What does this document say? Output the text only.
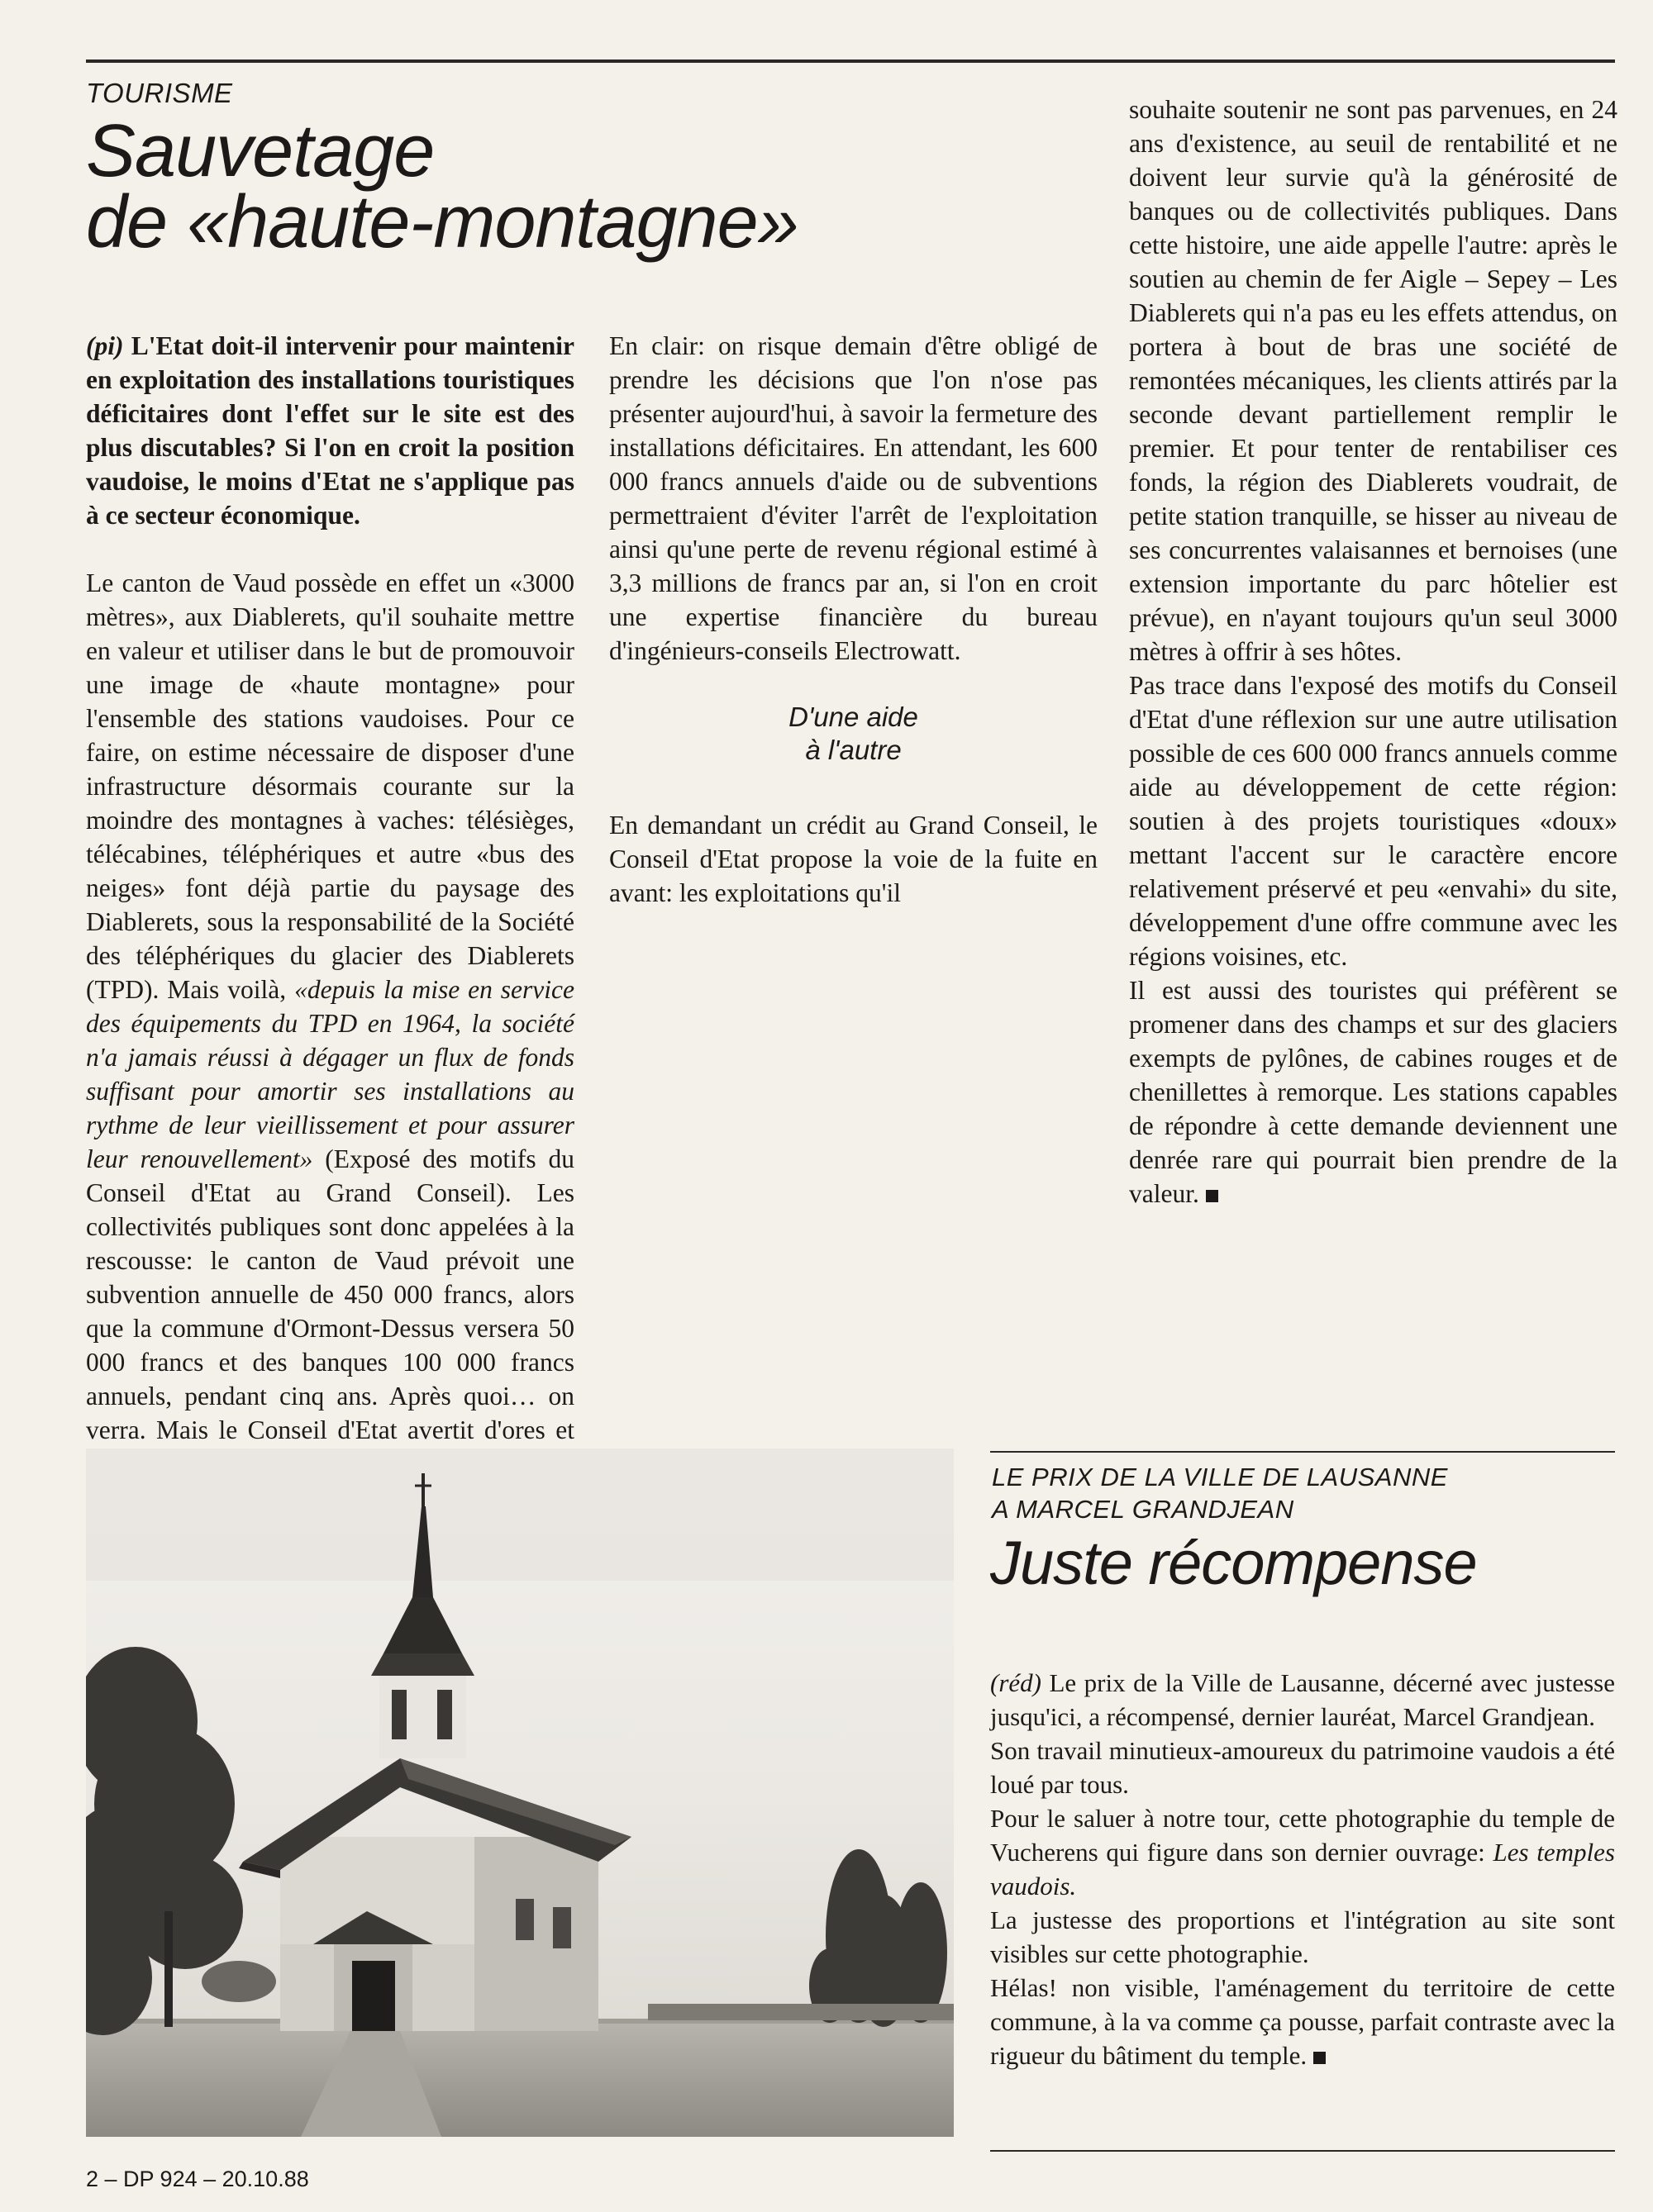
TOURISME
Sauvetage
de «haute-montagne»

(pi) L'Etat doit-il intervenir pour maintenir en exploitation des installations touristiques déficitaires dont l'effet sur le site est des plus discutables? Si l'on en croit la position vaudoise, le moins d'Etat ne s'applique pas à ce secteur économique.

Le canton de Vaud possède en effet un «3000 mètres», aux Diablerets, qu'il souhaite mettre en valeur et utiliser dans le but de promouvoir une image de «haute montagne» pour l'ensemble des stations vaudoises. Pour ce faire, on estime nécessaire de disposer d'une infrastructure désormais courante sur la moindre des montagnes à vaches: télésièges, télécabines, téléphériques et autre «bus des neiges» font déjà partie du paysage des Diablerets, sous la responsabilité de la Société des téléphériques du glacier des Diablerets (TPD). Mais voilà, «depuis la mise en service des équipements du TPD en 1964, la société n'a jamais réussi à dégager un flux de fonds suffisant pour amortir ses installations au rythme de leur vieillissement et pour assurer leur renouvellement» (Exposé des motifs du Conseil d'Etat au Grand Conseil). Les collectivités publiques sont donc appelées à la rescousse: le canton de Vaud prévoit une subvention annuelle de 450 000 francs, alors que la commune d'Ormont-Dessus versera 50 000 francs et des banques 100 000 francs annuels, pendant cinq ans. Après quoi… on verra. Mais le Conseil d'Etat avertit d'ores et

En clair: on risque demain d'être obligé de prendre les décisions que l'on n'ose pas présenter aujourd'hui, à savoir la fermeture des installations déficitaires. En attendant, les 600 000 francs annuels d'aide ou de subventions permettraient d'éviter l'arrêt de l'exploitation ainsi qu'une perte de revenu régional estimé à 3,3 millions de francs par an, si l'on en croit une expertise financière du bureau d'ingénieurs-conseils Electrowatt.

D'une aide
à l'autre

En demandant un crédit au Grand Conseil, le Conseil d'Etat propose la voie de la fuite en avant: les exploitations qu'il

souhaite soutenir ne sont pas parvenues, en 24 ans d'existence, au seuil de rentabilité et ne doivent leur survie qu'à la générosité de banques ou de collectivités publiques. Dans cette histoire, une aide appelle l'autre: après le soutien au chemin de fer Aigle – Sepey – Les Diablerets qui n'a pas eu les effets attendus, on portera à bout de bras une société de remontées mécaniques, les clients attirés par la seconde devant partiellement remplir le premier. Et pour tenter de rentabiliser ces fonds, la région des Diablerets voudrait, de petite station tranquille, se hisser au niveau de ses concurrentes valaisannes et bernoises (une extension importante du parc hôtelier est prévue), en n'ayant toujours qu'un seul 3000 mètres à offrir à ses hôtes.

Pas trace dans l'exposé des motifs du Conseil d'Etat d'une réflexion sur une autre utilisation possible de ces 600 000 francs annuels comme aide au développement de cette région: soutien à des projets touristiques «doux» mettant l'accent sur le caractère encore relativement préservé et peu «envahi» du site, développement d'une offre commune avec les régions voisines, etc.

Il est aussi des touristes qui préfèrent se promener dans des champs et sur des glaciers exempts de pylônes, de cabines rouges et de chenillettes à remorque. Les stations capables de répondre à cette demande deviennent une denrée rare qui pourrait bien prendre de la valeur.

LE PRIX DE LA VILLE DE LAUSANNE
A MARCEL GRANDJEAN
Juste récompense

(réd) Le prix de la Ville de Lausanne, décerné avec justesse jusqu'ici, a récompensé, dernier lauréat, Marcel Grandjean.

Son travail minutieux-amoureux du patrimoine vaudois a été loué par tous.

Pour le saluer à notre tour, cette photographie du temple de Vucherens qui figure dans son dernier ouvrage: Les temples vaudois.

La justesse des proportions et l'intégration au site sont visibles sur cette photographie.

Hélas! non visible, l'aménagement du territoire de cette commune, à la va comme ça pousse, parfait contraste avec la rigueur du bâtiment du temple.

2 – DP 924 – 20.10.88
